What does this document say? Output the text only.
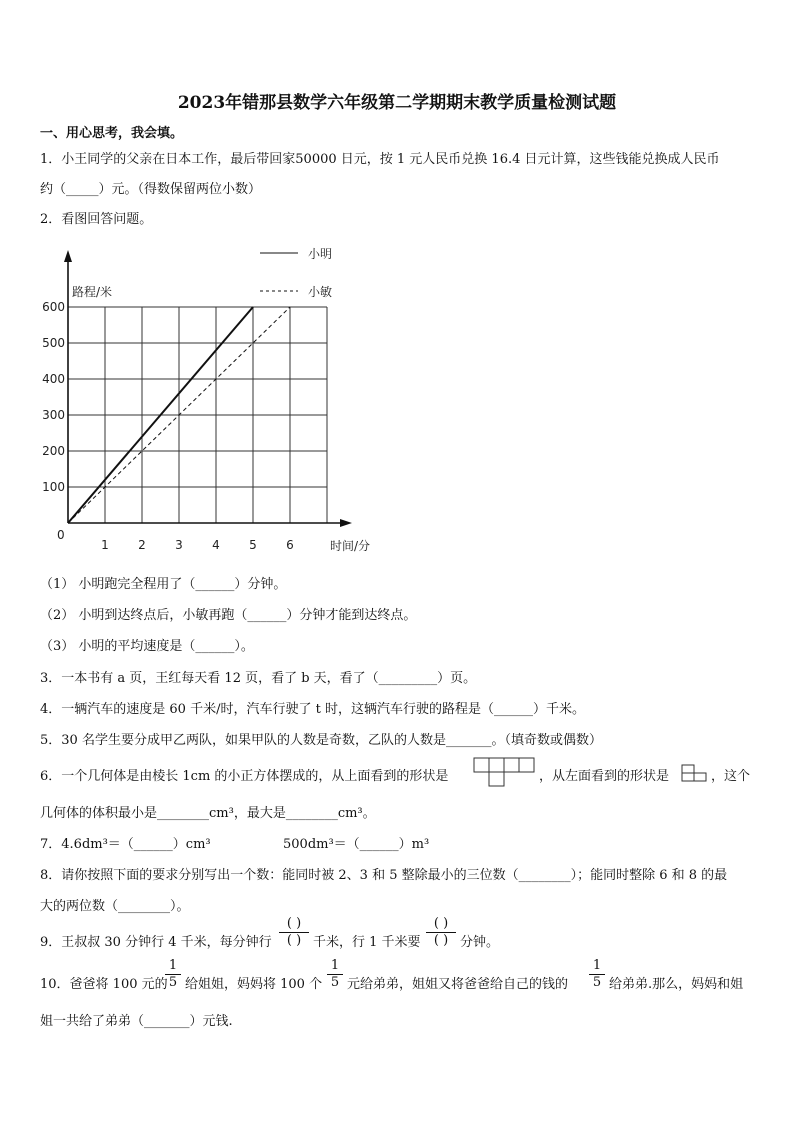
2023年错那县数学六年级第二学期期末教学质量检测试题
一、用心思考，我会填。
1．小王同学的父亲在日本工作，最后带回家50000 日元，按 1 元人民币兑换 16.4 日元计算，这些钱能兑换成人民币
约（_____）元。（得数保留两位小数）
2．看图回答问题。
1 2 3 4 5 6
100
200
300
400
500
600
小明
小敏
路程/米
时间/分
0
（1） 小明跑完全程用了（______）分钟。
（2） 小明到达终点后，小敏再跑（______）分钟才能到达终点。
（3） 小明的平均速度是（______）。
3．一本书有 a 页，王红每天看 12 页，看了 b 天，看了（_________）页。
4．一辆汽车的速度是 60 千米/时，汽车行驶了 t 时，这辆汽车行驶的路程是（______）千米。
5．30 名学生要分成甲乙两队，如果甲队的人数是奇数，乙队的人数是_______。（填奇数或偶数）
6．一个几何体是由棱长 1cm 的小正方体摆成的，从上面看到的形状是	，从左面看到的形状是	，这个
几何体的体积最小是________cm³，最大是________cm³。
7．4.6dm³＝（______）cm³	500dm³＝（______）m³
8．请你按照下面的要求分别写出一个数：能同时被 2、3 和 5 整除最小的三位数（________）；能同时整除 6 和 8 的最
大的两位数（________）。
9．王叔叔 30 分钟行 4 千米，每分钟行
( )
( ) 千米，行 1 千米要
( )
( ) 分钟。
10．爸爸将 100 元的
1
5 给姐姐，妈妈将 100 个
1
5 元给弟弟，姐姐又将爸爸给自己的钱的
1
5 给弟弟.那么，妈妈和姐
姐一共给了弟弟（_______）元钱.
